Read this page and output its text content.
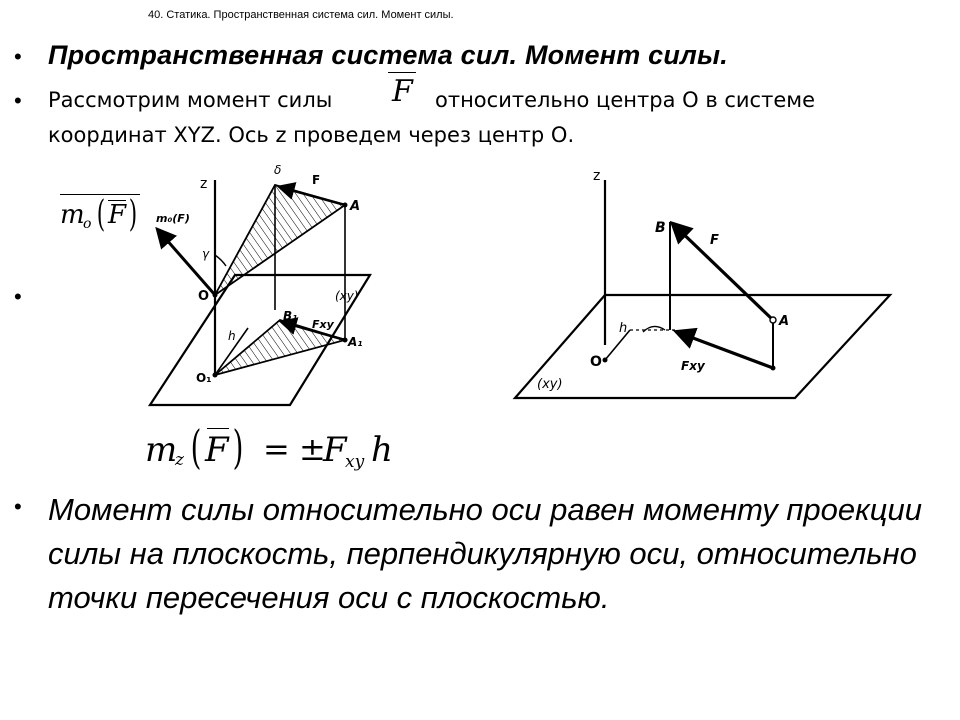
40. Статика. Пространственная система сил. Момент силы.
• Пространственная система сил. Момент силы.
• Рассмотрим момент силы F относительно центра О в системе
координат XYZ. Ось z проведем через центр О.
m
o ( F )
•
z
O
O₁
A
A₁
B₁
F
Fxy
m₀(F)
δ
γ
h
(xy)
z
B
A
F
O
h
Fxy
(xy)
m
z ( F ) = ±
F
xy h
• Момент силы относительно оси равен моменту проекции силы на плоскость, перпендикулярную оси, относительно точки пересечения оси с плоскостью.
